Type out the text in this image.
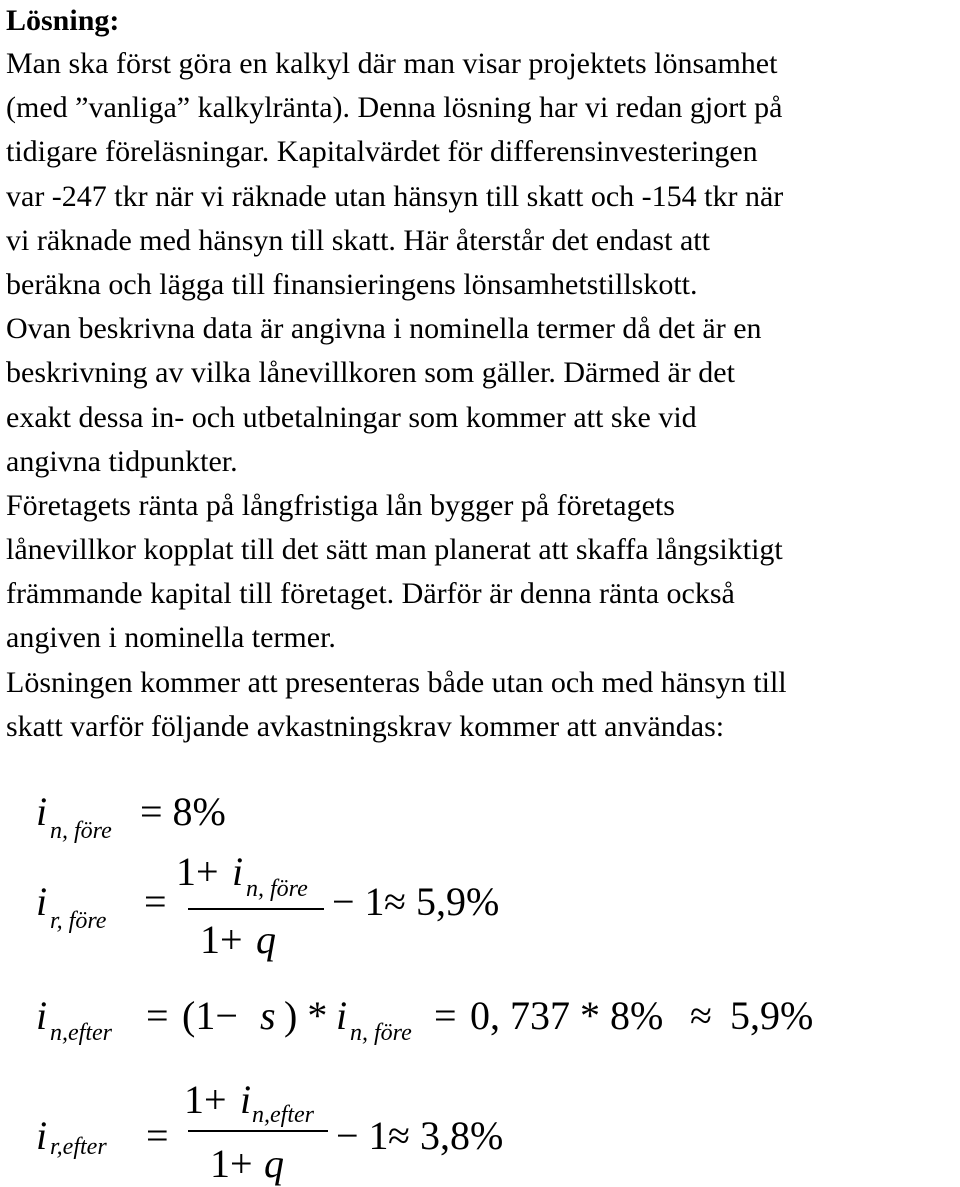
Lösning:
Man ska först göra en kalkyl där man visar projektets lönsamhet
(med ”vanliga” kalkylränta). Denna lösning har vi redan gjort på
tidigare föreläsningar. Kapitalvärdet för differensinvesteringen
var -247 tkr när vi räknade utan hänsyn till skatt och -154 tkr när
vi räknade med hänsyn till skatt. Här återstår det endast att
beräkna och lägga till finansieringens lönsamhetstillskott.
Ovan beskrivna data är angivna i nominella termer då det är en
beskrivning av vilka lånevillkoren som gäller. Därmed är det
exakt dessa in- och utbetalningar som kommer att ske vid
angivna tidpunkter.
Företagets ränta på långfristiga lån bygger på företagets
lånevillkor kopplat till det sätt man planerat att skaffa långsiktigt
främmande kapital till företaget. Därför är denna ränta också
angiven i nominella termer.
Lösningen kommer att presenteras både utan och med hänsyn till
skatt varför följande avkastningskrav kommer att användas:
i n, före = 8%
i r, före =
1+ i n, före
1+ q
− 1 ≈ 5,9%
i n,efter = (1− s ) * i n, före = 0, 737 * 8% ≈ 5,9%
i r,efter =
1+ i n,efter
1+ q
− 1 ≈ 3,8%
